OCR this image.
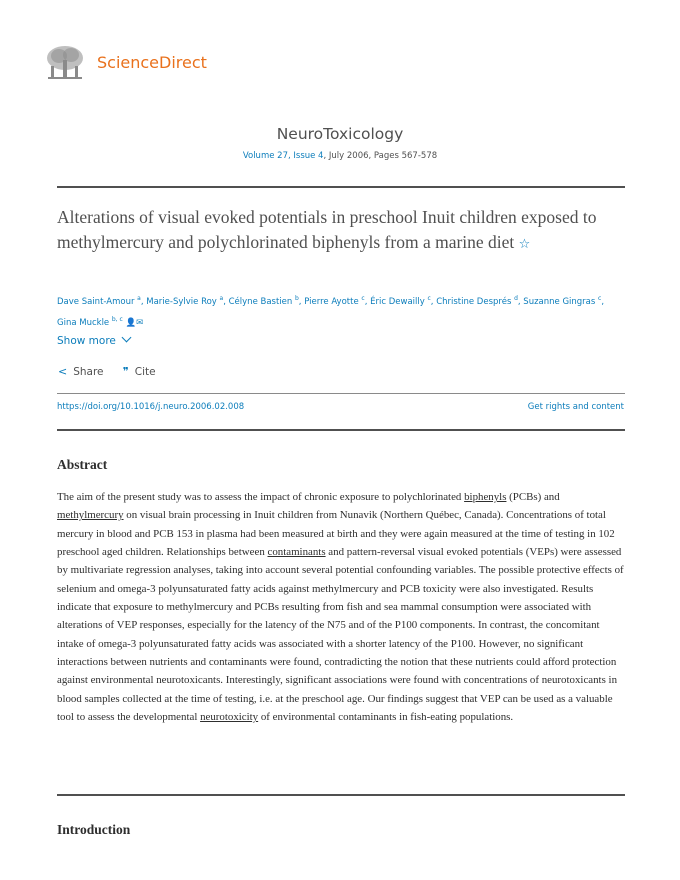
ScienceDirect
NeuroToxicology
Volume 27, Issue 4, July 2006, Pages 567-578
Alterations of visual evoked potentials in preschool Inuit children exposed to methylmercury and polychlorinated biphenyls from a marine diet ☆
Dave Saint-Amour $^a$, Marie-Sylvie Roy $^a$, Célyne Bastien $^b$, Pierre Ayotte $^c$, Éric Dewailly $^c$, Christine Després $^d$, Suzanne Gingras $^c$,
Gina Muckle $^{b, c}$ 👤✉
Show more
< Share ❞ Cite
https://doi.org/10.1016/j.neuro.2006.02.008	Get rights and content
Abstract

The aim of the present study was to assess the impact of chronic exposure to polychlorinated biphenyls (PCBs) and methylmercury on visual brain processing in Inuit children from Nunavik (Northern Québec, Canada). Concentrations of total mercury in blood and PCB 153 in plasma had been measured at birth and they were again measured at the time of testing in 102 preschool aged children. Relationships between contaminants and pattern-reversal visual evoked potentials (VEPs) were assessed by multivariate regression analyses, taking into account several potential confounding variables. The possible protective effects of selenium and omega-3 polyunsaturated fatty acids against methylmercury and PCB toxicity were also investigated. Results indicate that exposure to methylmercury and PCBs resulting from fish and sea mammal consumption were associated with alterations of VEP responses, especially for the latency of the N75 and of the P100 components. In contrast, the concomitant intake of omega-3 polyunsaturated fatty acids was associated with a shorter latency of the P100. However, no significant interactions between nutrients and contaminants were found, contradicting the notion that these nutrients could afford protection against environmental neurotoxicants. Interestingly, significant associations were found with concentrations of neurotoxicants in blood samples collected at the time of testing, i.e. at the preschool age. Our findings suggest that VEP can be used as a valuable tool to assess the developmental neurotoxicity of environmental contaminants in fish-eating populations.

Introduction
